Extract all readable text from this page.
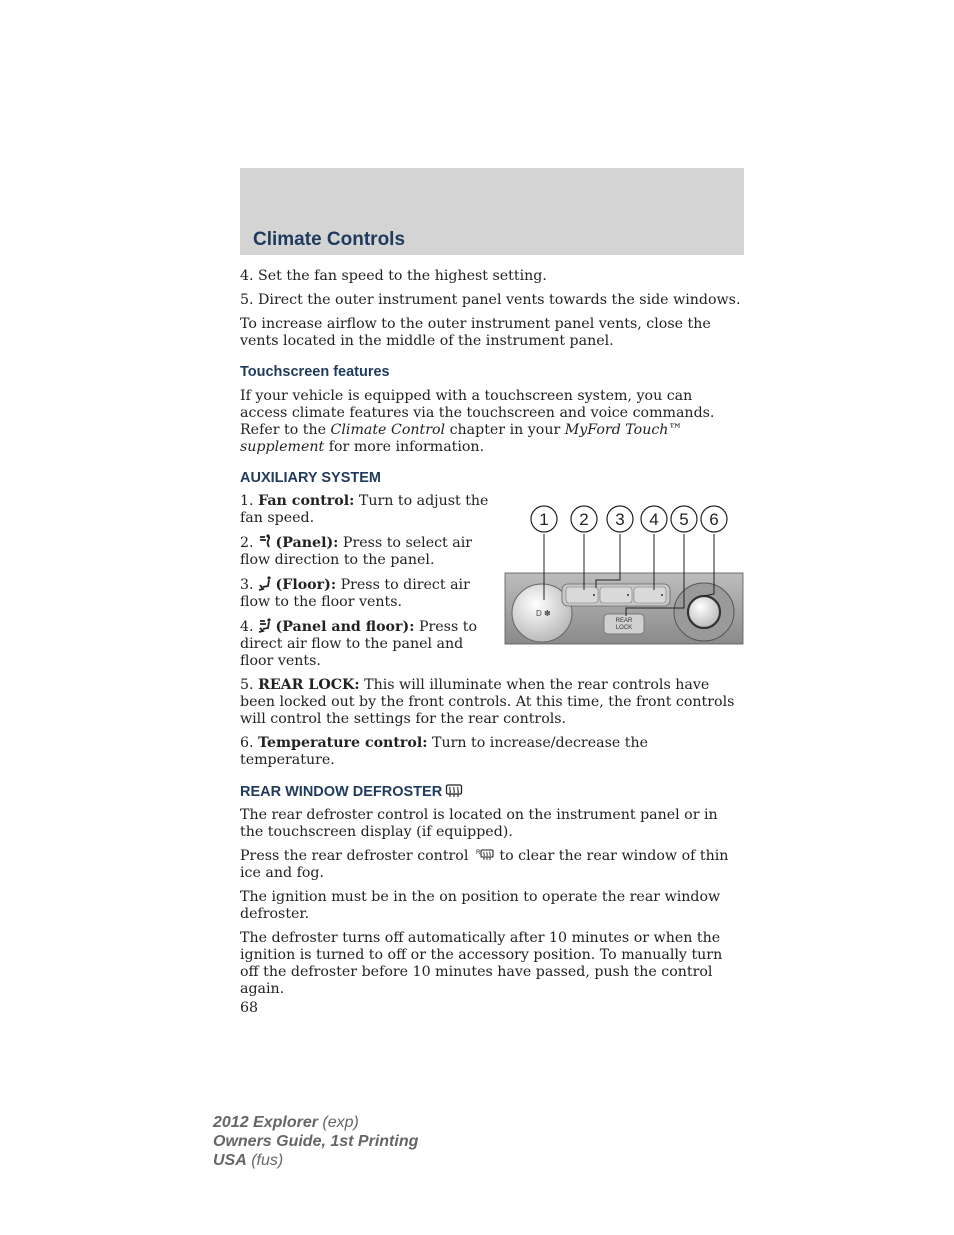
Climate Controls

4. Set the fan speed to the highest setting.

5. Direct the outer instrument panel vents towards the side windows.

To increase airflow to the outer instrument panel vents, close the vents located in the middle of the instrument panel.

Touchscreen features

If your vehicle is equipped with a touchscreen system, you can access climate features via the touchscreen and voice commands. Refer to the Climate Control chapter in your MyFord Touch™ supplement for more information.

AUXILIARY SYSTEM

1. Fan control: Turn to adjust the fan speed.

2. (Panel): Press to select air flow direction to the panel.

3. (Floor): Press to direct air flow to the floor vents.

4. (Panel and floor): Press to direct air flow to the panel and floor vents.

5. REAR LOCK: This will illuminate when the rear controls have been locked out by the front controls. At this time, the front controls will control the settings for the rear controls.

6. Temperature control: Turn to increase/decrease the temperature.

REAR WINDOW DEFROSTER

The rear defroster control is located on the instrument panel or in the touchscreen display (if equipped).

Press the rear defroster control R to clear the rear window of thin ice and fog.

The ignition must be in the on position to operate the rear window defroster.

The defroster turns off automatically after 10 minutes or when the ignition is turned to off or the accessory position. To manually turn off the defroster before 10 minutes have passed, push the control again.

68
D ✽
REAR
LOCK
1 2 3 4 5 6
2012 Explorer (exp)
Owners Guide, 1st Printing
USA (fus)
